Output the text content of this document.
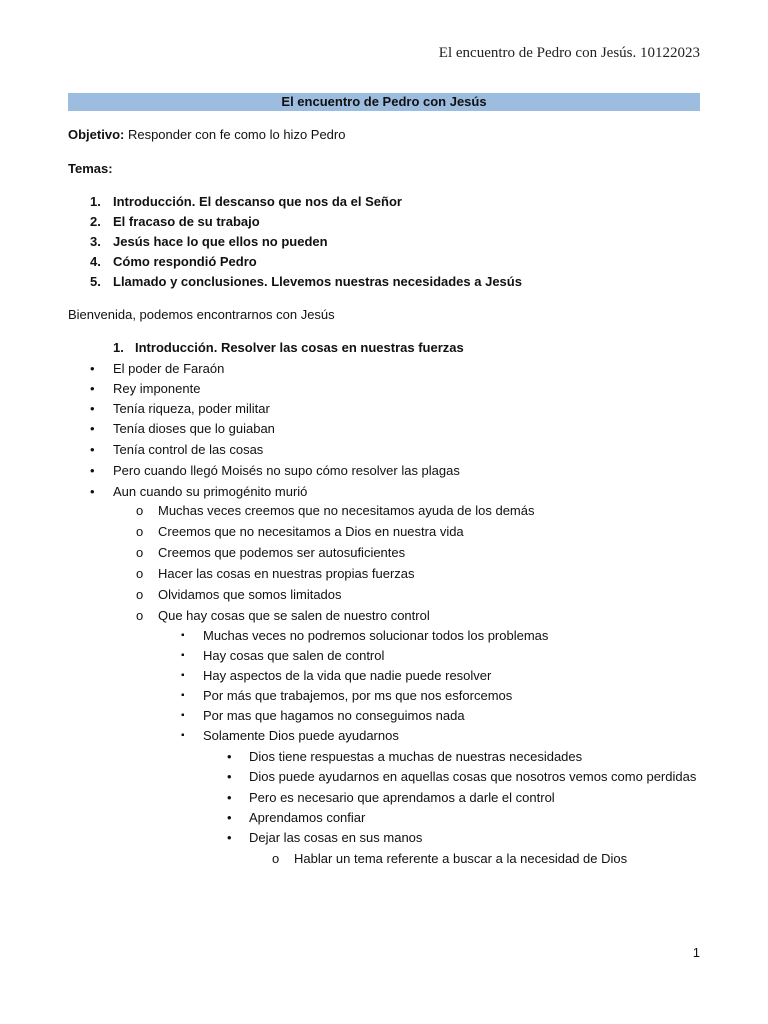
El encuentro de Pedro con Jesús. 10122023
El encuentro de Pedro con Jesús
Objetivo: Responder con fe como lo hizo Pedro
Temas:
1. Introducción. El descanso que nos da el Señor
2. El fracaso de su trabajo
3. Jesús hace lo que ellos no pueden
4. Cómo respondió Pedro
5. Llamado y conclusiones. Llevemos nuestras necesidades a Jesús
Bienvenida, podemos encontrarnos con Jesús
1. Introducción. Resolver las cosas en nuestras fuerzas
• El poder de Faraón
• Rey imponente
• Tenía riqueza, poder militar
• Tenía dioses que lo guiaban
• Tenía control de las cosas
• Pero cuando llegó Moisés no supo cómo resolver las plagas
• Aun cuando su primogénito murió
o Muchas veces creemos que no necesitamos ayuda de los demás
o Creemos que no necesitamos a Dios en nuestra vida
o Creemos que podemos ser autosuficientes
o Hacer las cosas en nuestras propias fuerzas
o Olvidamos que somos limitados
o Que hay cosas que se salen de nuestro control
▪ Muchas veces no podremos solucionar todos los problemas
▪ Hay cosas que salen de control
▪ Hay aspectos de la vida que nadie puede resolver
▪ Por más que trabajemos, por ms que nos esforcemos
▪ Por mas que hagamos no conseguimos nada
▪ Solamente Dios puede ayudarnos
• Dios tiene respuestas a muchas de nuestras necesidades
• Dios puede ayudarnos en aquellas cosas que nosotros vemos como perdidas
• Pero es necesario que aprendamos a darle el control
• Aprendamos confiar
• Dejar las cosas en sus manos
o Hablar un tema referente a buscar a la necesidad de Dios
1
